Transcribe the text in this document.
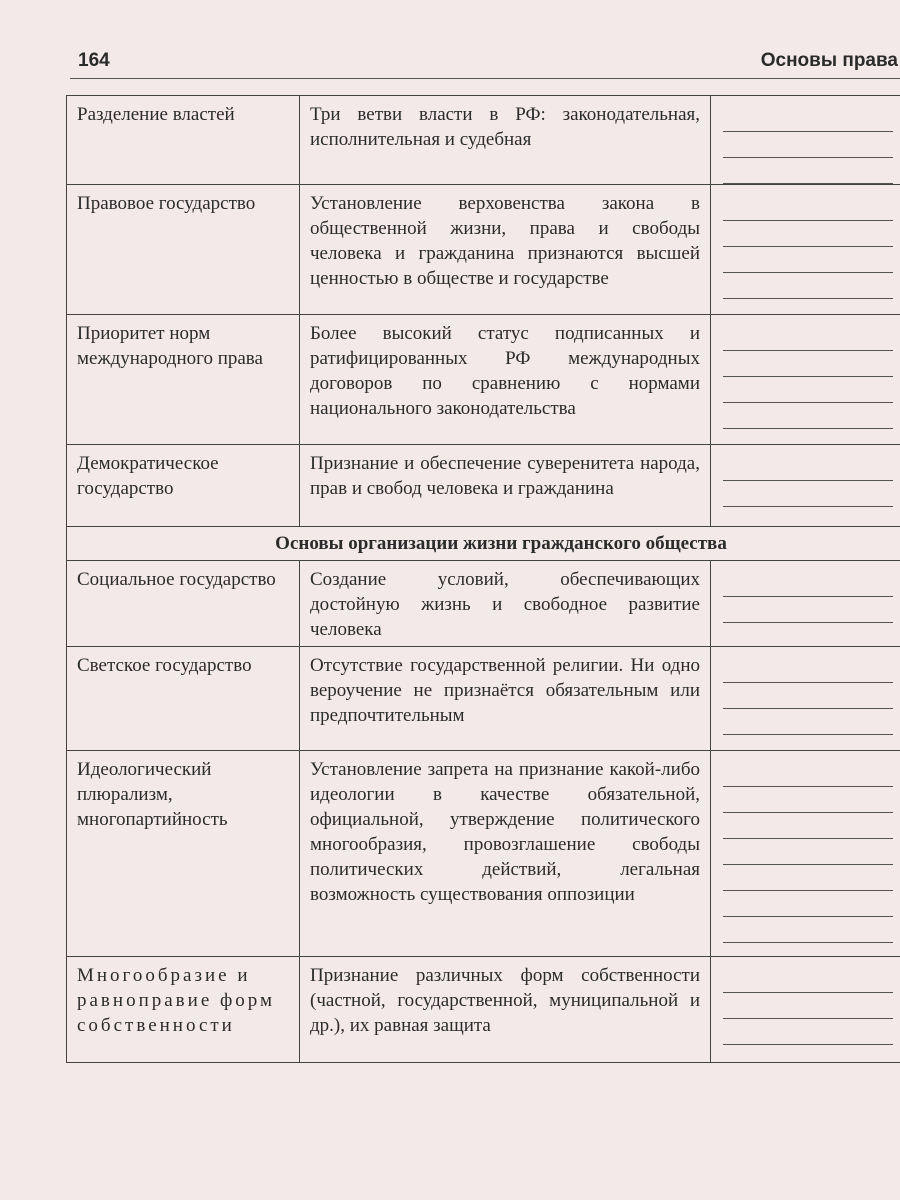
164	Основы права
Разделение властей	Три ветви власти в РФ: законодательная, исполнительная и судебная	

Правовое государство	Установление верховенства закона в общественной жизни, права и свободы человека и гражданина признаются высшей ценностью в обществе и государстве	

Приоритет норм международного права	Более высокий статус подписанных и ратифицированных РФ международных договоров по сравнению с нормами национального законодательства	

Демократическое государство	Признание и обеспечение суверенитета народа, прав и свобод человека и гражданина	

Основы организации жизни гражданского общества		
Социальное государство	Создание условий, обеспечивающих достойную жизнь и свободное развитие человека	

Светское государство	Отсутствие государственной религии. Ни одно вероучение не признаётся обязательным или предпочтительным	

Идеологический плюрализм, многопартийность	Установление запрета на признание какой-либо идеологии в качестве обязательной, официальной, утверждение политического многообразия, провозглашение свободы политических действий, легальная возможность существования оппозиции	

Многообразие и равноправие форм собственности	Признание различных форм собственности (частной, государственной, муниципальной и др.), их равная защита	
